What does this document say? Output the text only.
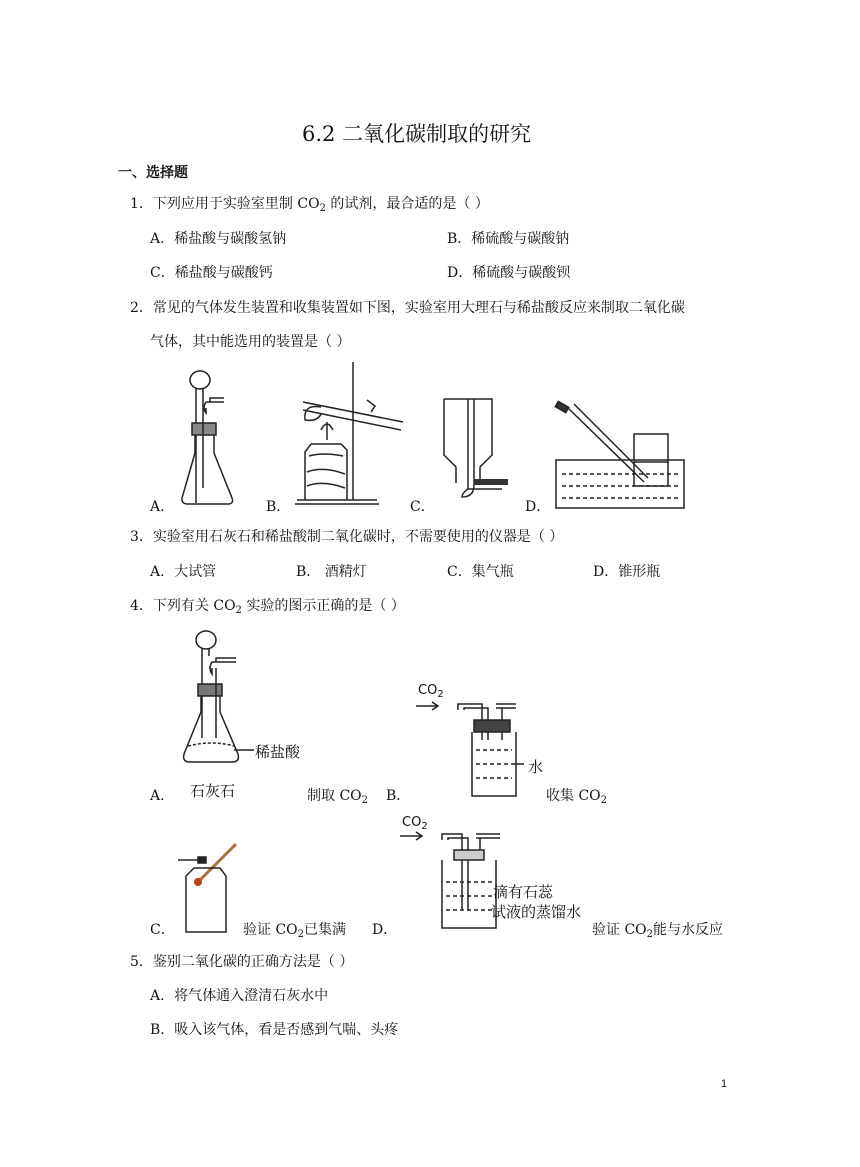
6.2 二氧化碳制取的研究
一、选择题
1．下列应用于实验室里制 $CO_2$ 的试剂，最合适的是（ ）
A．稀盐酸与碳酸氢钠	B．稀硫酸与碳酸钠
C．稀盐酸与碳酸钙	D．稀硫酸与碳酸钡
2．常见的气体发生装置和收集装置如下图，实验室用大理石与稀盐酸反应来制取二氧化碳
气体，其中能选用的装置是（ ）
A．	B．	C．	D．
3．实验室用石灰石和稀盐酸制二氧化碳时，不需要使用的仪器是（ ）
A．大试管	B． 酒精灯	C．集气瓶	D．锥形瓶
4．下列有关 $CO_2$ 实验的图示正确的是（ ）
稀盐酸
石灰石
A．	制取 $CO_2$
$CO_2$
水
B．	收集 $CO_2$
C．	验证 $CO_2$已集满
$CO_2$
滴有石蕊
试液的蒸馏水
D．	验证 $CO_2$能与水反应
5．鉴别二氧化碳的正确方法是（ ）
A．将气体通入澄清石灰水中
B．吸入该气体，看是否感到气喘、头疼
1
